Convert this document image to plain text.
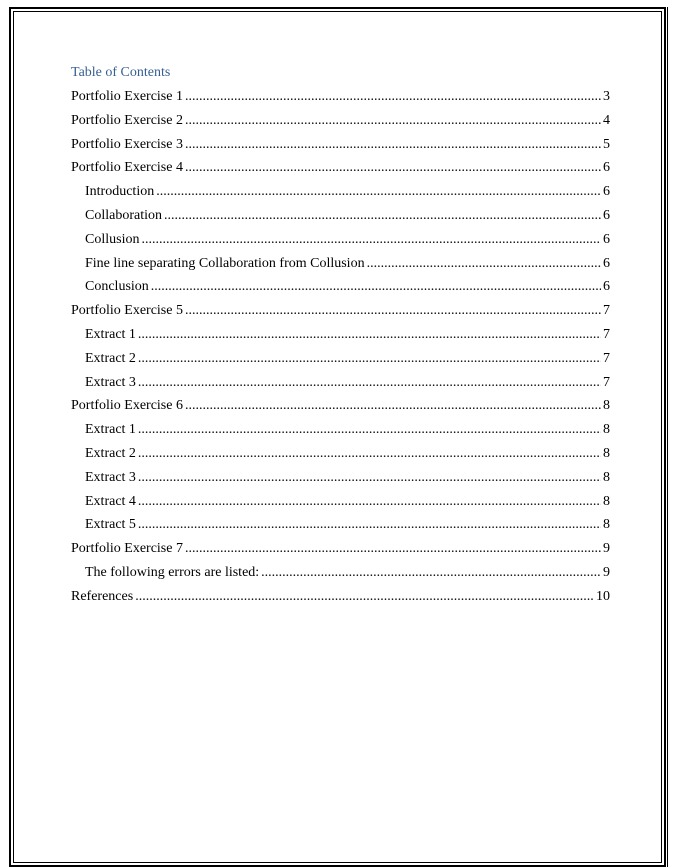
Table of Contents
Portfolio Exercise 1 .....	3
Portfolio Exercise 2 .....	4
Portfolio Exercise 3 .....	5
Portfolio Exercise 4 .....	6
Introduction .....	6
Collaboration .....	6
Collusion .....	6
Fine line separating Collaboration from Collusion .....	6
Conclusion .....	6
Portfolio Exercise 5 .....	7
Extract 1 .....	7
Extract 2 .....	7
Extract 3 .....	7
Portfolio Exercise 6 .....	8
Extract 1 .....	8
Extract 2 .....	8
Extract 3 .....	8
Extract 4 .....	8
Extract 5 .....	8
Portfolio Exercise 7 .....	9
The following errors are listed: .....	9
References .....	10
